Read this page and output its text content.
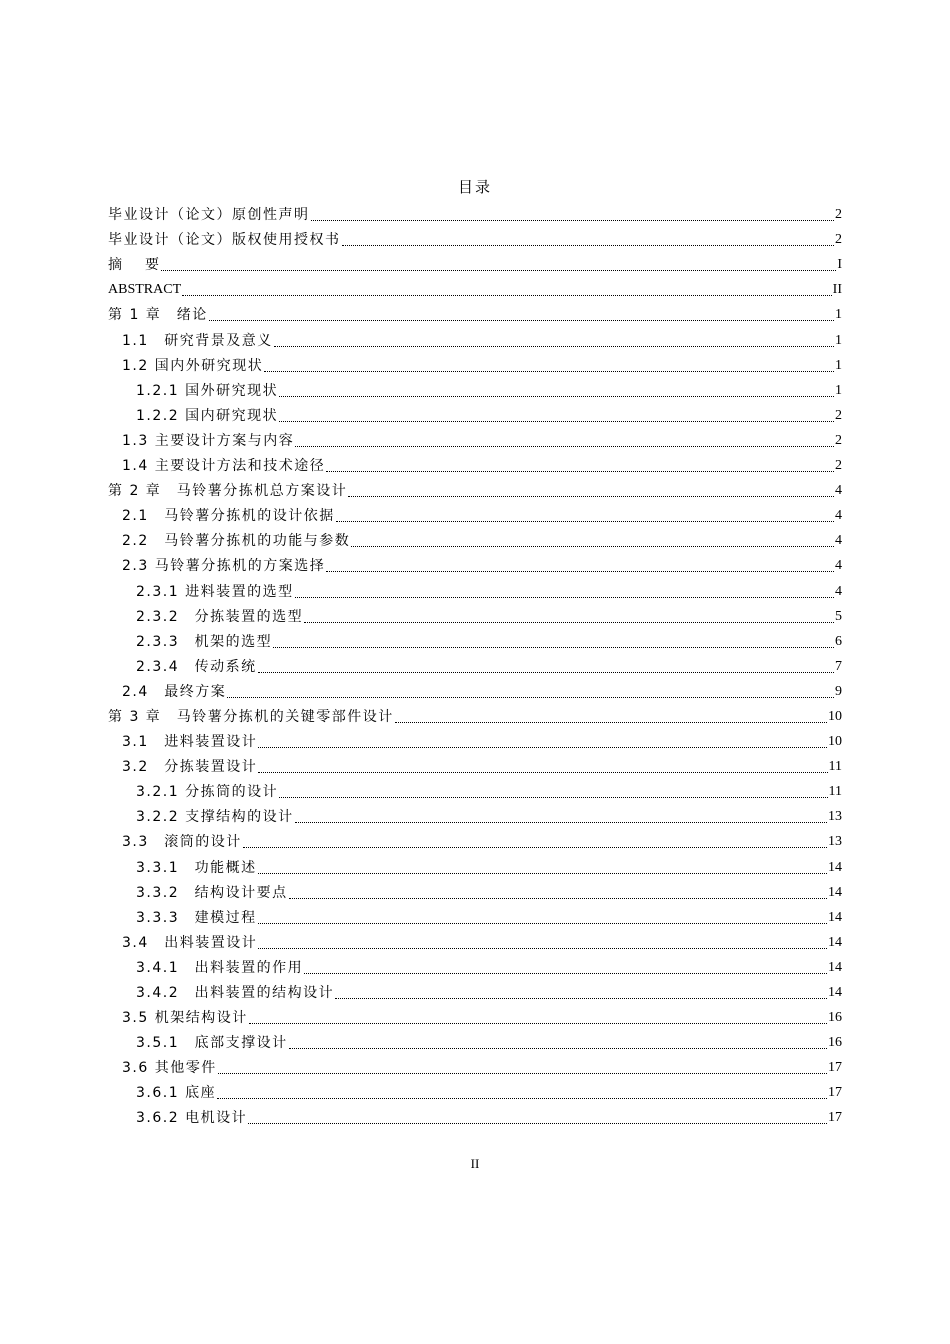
目录
毕业设计（论文）原创性声明	2
毕业设计（论文）版权使用授权书	2
摘　 要	I
ABSTRACT	II
第 1 章　绪论	1
1.1　研究背景及意义	1
1.2 国内外研究现状	1
1.2.1 国外研究现状	1
1.2.2 国内研究现状	2
1.3 主要设计方案与内容	2
1.4 主要设计方法和技术途径	2
第 2 章　马铃薯分拣机总方案设计	4
2.1　马铃薯分拣机的设计依据	4
2.2　马铃薯分拣机的功能与参数	4
2.3 马铃薯分拣机的方案选择	4
2.3.1 进料装置的选型	4
2.3.2　分拣装置的选型	5
2.3.3　机架的选型	6
2.3.4　传动系统	7
2.4　最终方案	9
第 3 章　马铃薯分拣机的关键零部件设计	10
3.1　进料装置设计	10
3.2　分拣装置设计	11
3.2.1 分拣筒的设计	11
3.2.2 支撑结构的设计	13
3.3　滚筒的设计	13
3.3.1　功能概述	14
3.3.2　结构设计要点	14
3.3.3　建模过程	14
3.4　出料装置设计	14
3.4.1　出料装置的作用	14
3.4.2　出料装置的结构设计	14
3.5 机架结构设计	16
3.5.1　底部支撑设计	16
3.6 其他零件	17
3.6.1 底座	17
3.6.2 电机设计	17
II
